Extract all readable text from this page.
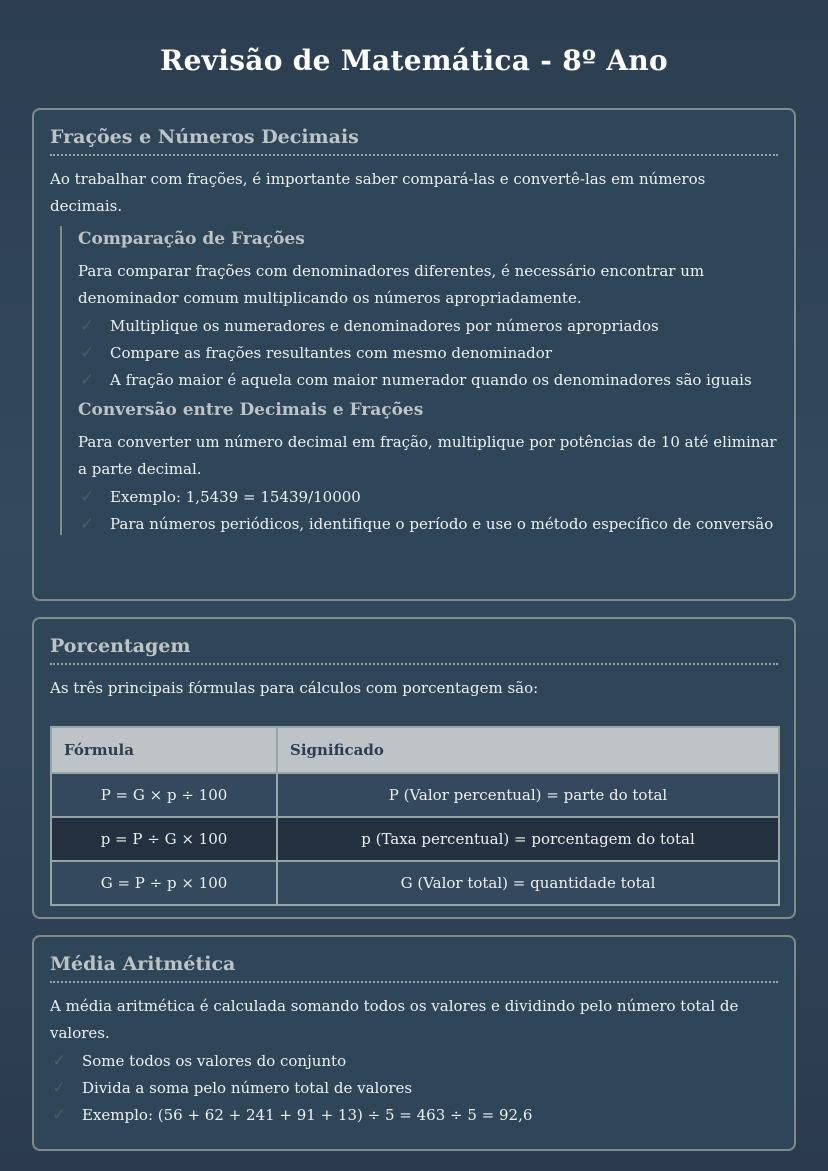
Revisão de Matemática - 8º Ano
Frações e Números Decimais

Ao trabalhar com frações, é importante saber compará-las e convertê-las em números decimais.

Comparação de Frações

Para comparar frações com denominadores diferentes, é necessário encontrar um denominador comum multiplicando os números apropriadamente.

✓ Multiplique os numeradores e denominadores por números apropriados
✓ Compare as frações resultantes com mesmo denominador
✓ A fração maior é aquela com maior numerador quando os denominadores são iguais
Conversão entre Decimais e Frações

Para converter um número decimal em fração, multiplique por potências de 10 até eliminar a parte decimal.

✓ Exemplo: 1,5439 = 15439/10000
✓ Para números periódicos, identifique o período e use o método específico de conversão
Porcentagem

As três principais fórmulas para cálculos com porcentagem são:

Fórmula	Significado
P = G × p ÷ 100	P (Valor percentual) = parte do total
p = P ÷ G × 100	p (Taxa percentual) = porcentagem do total
G = P ÷ p × 100	G (Valor total) = quantidade total
Média Aritmética

A média aritmética é calculada somando todos os valores e dividindo pelo número total de valores.

✓ Some todos os valores do conjunto
✓ Divida a soma pelo número total de valores
✓ Exemplo: (56 + 62 + 241 + 91 + 13) ÷ 5 = 463 ÷ 5 = 92,6
